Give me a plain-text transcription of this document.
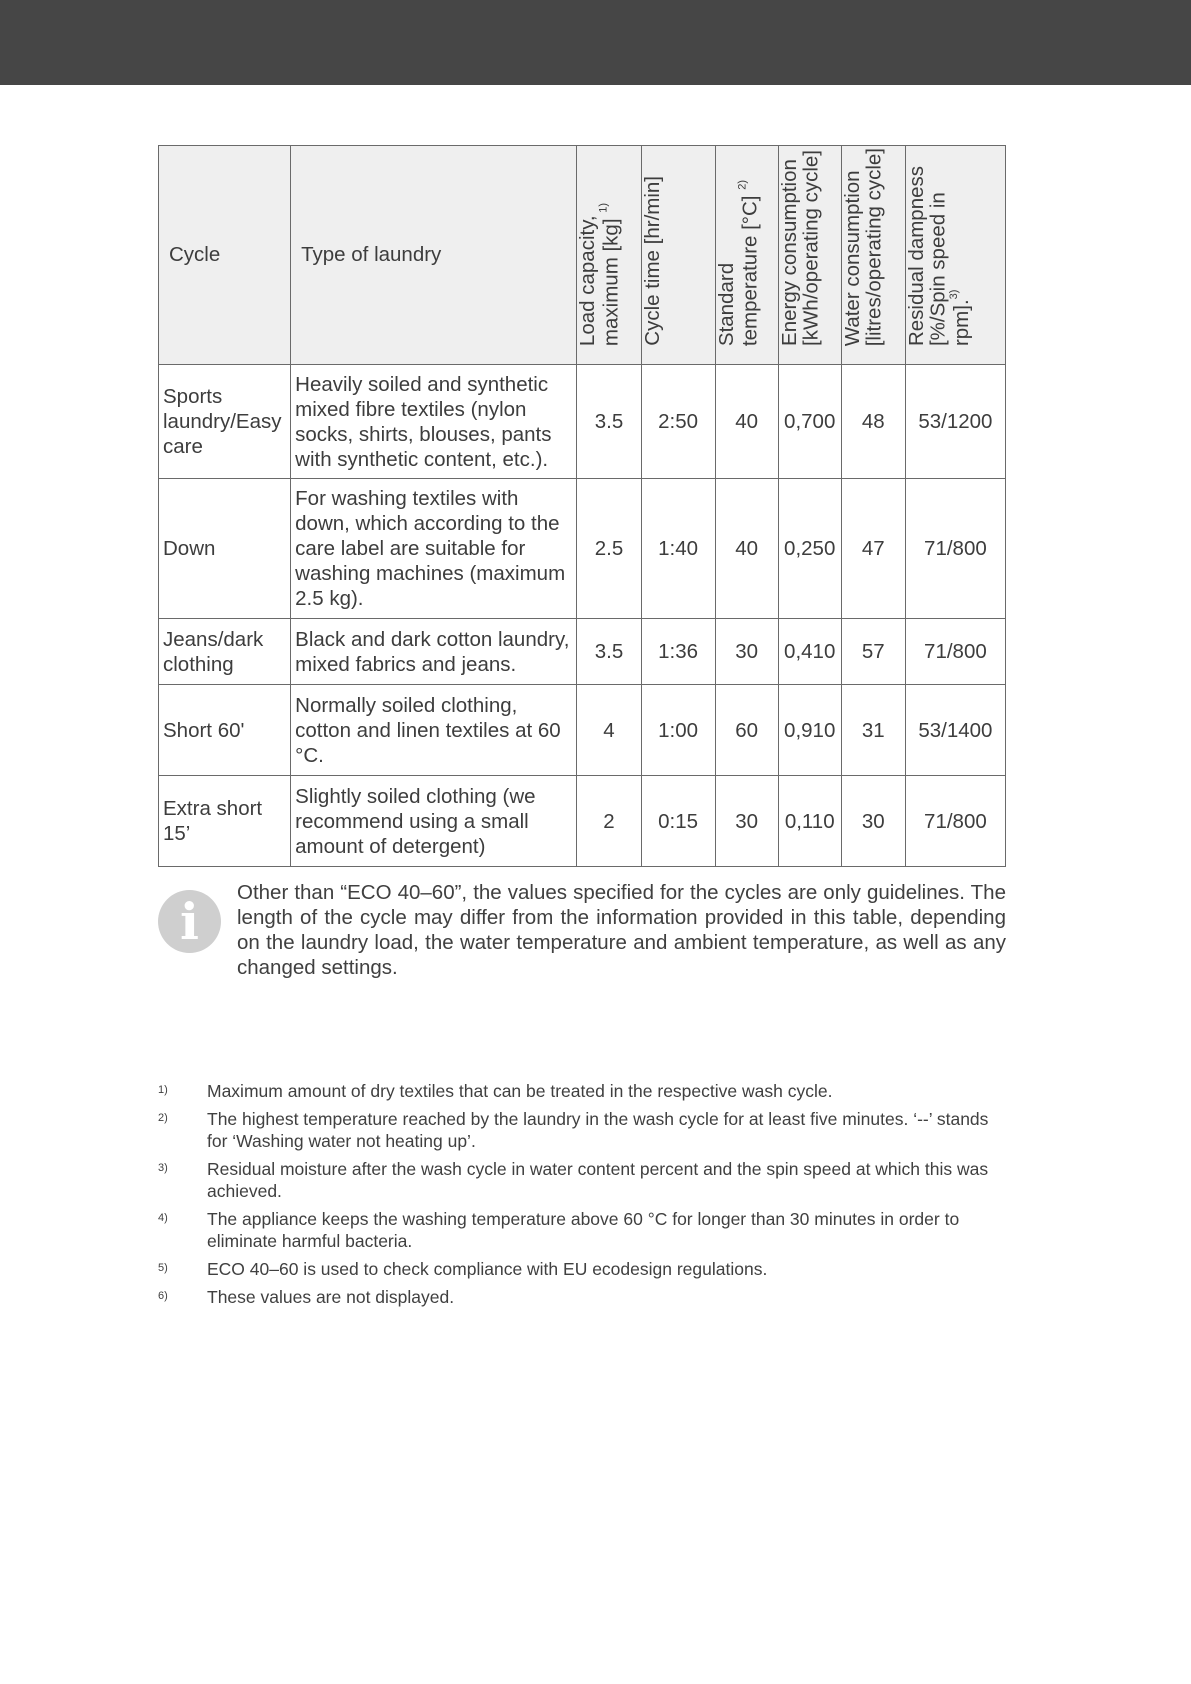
Cycle	Type of laundry	Load capacity,
maximum [kg] $^{1)}$	Cycle time [hr/min]	Standard
temperature [°C] $^{2)}$	Energy consumption
[kWh/operating cycle]	Water consumption
[litres/operating cycle]	Residual dampness
[%/Spin speed in
rpm].$^{3)}$
Sports laundry/Easy care	Heavily soiled and synthetic mixed fibre textiles (nylon socks, shirts, blouses, pants with synthetic content, etc.).	3.5	2:50	40	0,700	48	53/1200
Down	For washing textiles with down, which according to the care label are suitable for washing machines (maximum 2.5 kg).	2.5	1:40	40	0,250	47	71/800
Jeans/dark clothing	Black and dark cotton laundry, mixed fabrics and jeans.	3.5	1:36	30	0,410	57	71/800
Short 60'	Normally soiled clothing, cotton and linen textiles at 60 °C.	4	1:00	60	0,910	31	53/1400
Extra short 15’	Slightly soiled clothing (we recommend using a small amount of detergent)	2	0:15	30	0,110	30	71/800
i	Other than “ECO 40–60”, the values specified for the cycles are only guidelines. The length of the cycle may differ from the information provided in this table, depending on the laundry load, the water temperature and ambient temperature, as well as any changed settings.

1) Maximum amount of dry textiles that can be treated in the respective wash cycle.
2) The highest temperature reached by the laundry in the wash cycle for at least five minutes. ‘--’ stands for ‘Washing water not heating up’.
3) Residual moisture after the wash cycle in water content percent and the spin speed at which this was achieved.
4) The appliance keeps the washing temperature above 60 °C for longer than 30 minutes in order to eliminate harmful bacteria.
5) ECO 40–60 is used to check compliance with EU ecodesign regulations.
6) These values are not displayed.
